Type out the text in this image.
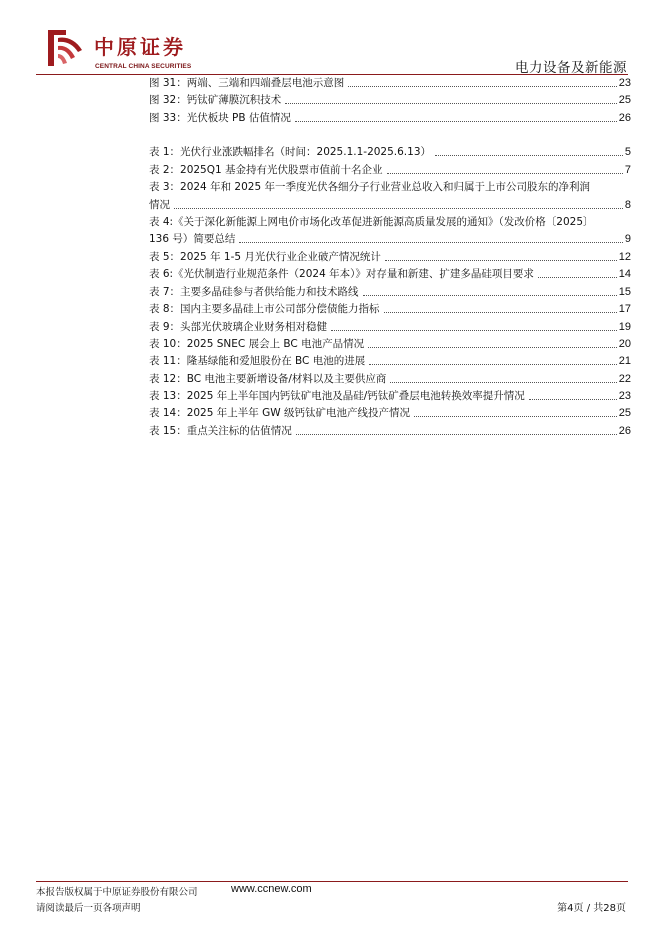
中原证券
CENTRAL CHINA SECURITIES	电力设备及新能源
图 31：两端、三端和四端叠层电池示意图	23
图 32：钙钛矿薄膜沉积技术	25
图 33：光伏板块 PB 估值情况	26
表 1：光伏行业涨跌幅排名（时间：2025.1.1-2025.6.13）	5
表 2：2025Q1 基金持有光伏股票市值前十名企业	7
表 3：2024 年和 2025 年一季度光伏各细分子行业营业总收入和归属于上市公司股东的净利润
情况	8
表 4:《关于深化新能源上网电价市场化改革促进新能源高质量发展的通知》（发改价格〔2025〕
136 号）简要总结	9
表 5：2025 年 1-5 月光伏行业企业破产情况统计	12
表 6:《光伏制造行业规范条件（2024 年本）》对存量和新建、扩建多晶硅项目要求	14
表 7：主要多晶硅参与者供给能力和技术路线	15
表 8：国内主要多晶硅上市公司部分偿债能力指标	17
表 9：头部光伏玻璃企业财务相对稳健	19
表 10：2025 SNEC 展会上 BC 电池产品情况	20
表 11：隆基绿能和爱旭股份在 BC 电池的进展	21
表 12：BC 电池主要新增设备/材料以及主要供应商	22
表 13：2025 年上半年国内钙钛矿电池及晶硅/钙钛矿叠层电池转换效率提升情况	23
表 14：2025 年上半年 GW 级钙钛矿电池产线投产情况	25
表 15：重点关注标的估值情况	26
本报告版权属于中原证券股份有限公司	www.ccnew.com
请阅读最后一页各项声明	第4页 / 共28页
